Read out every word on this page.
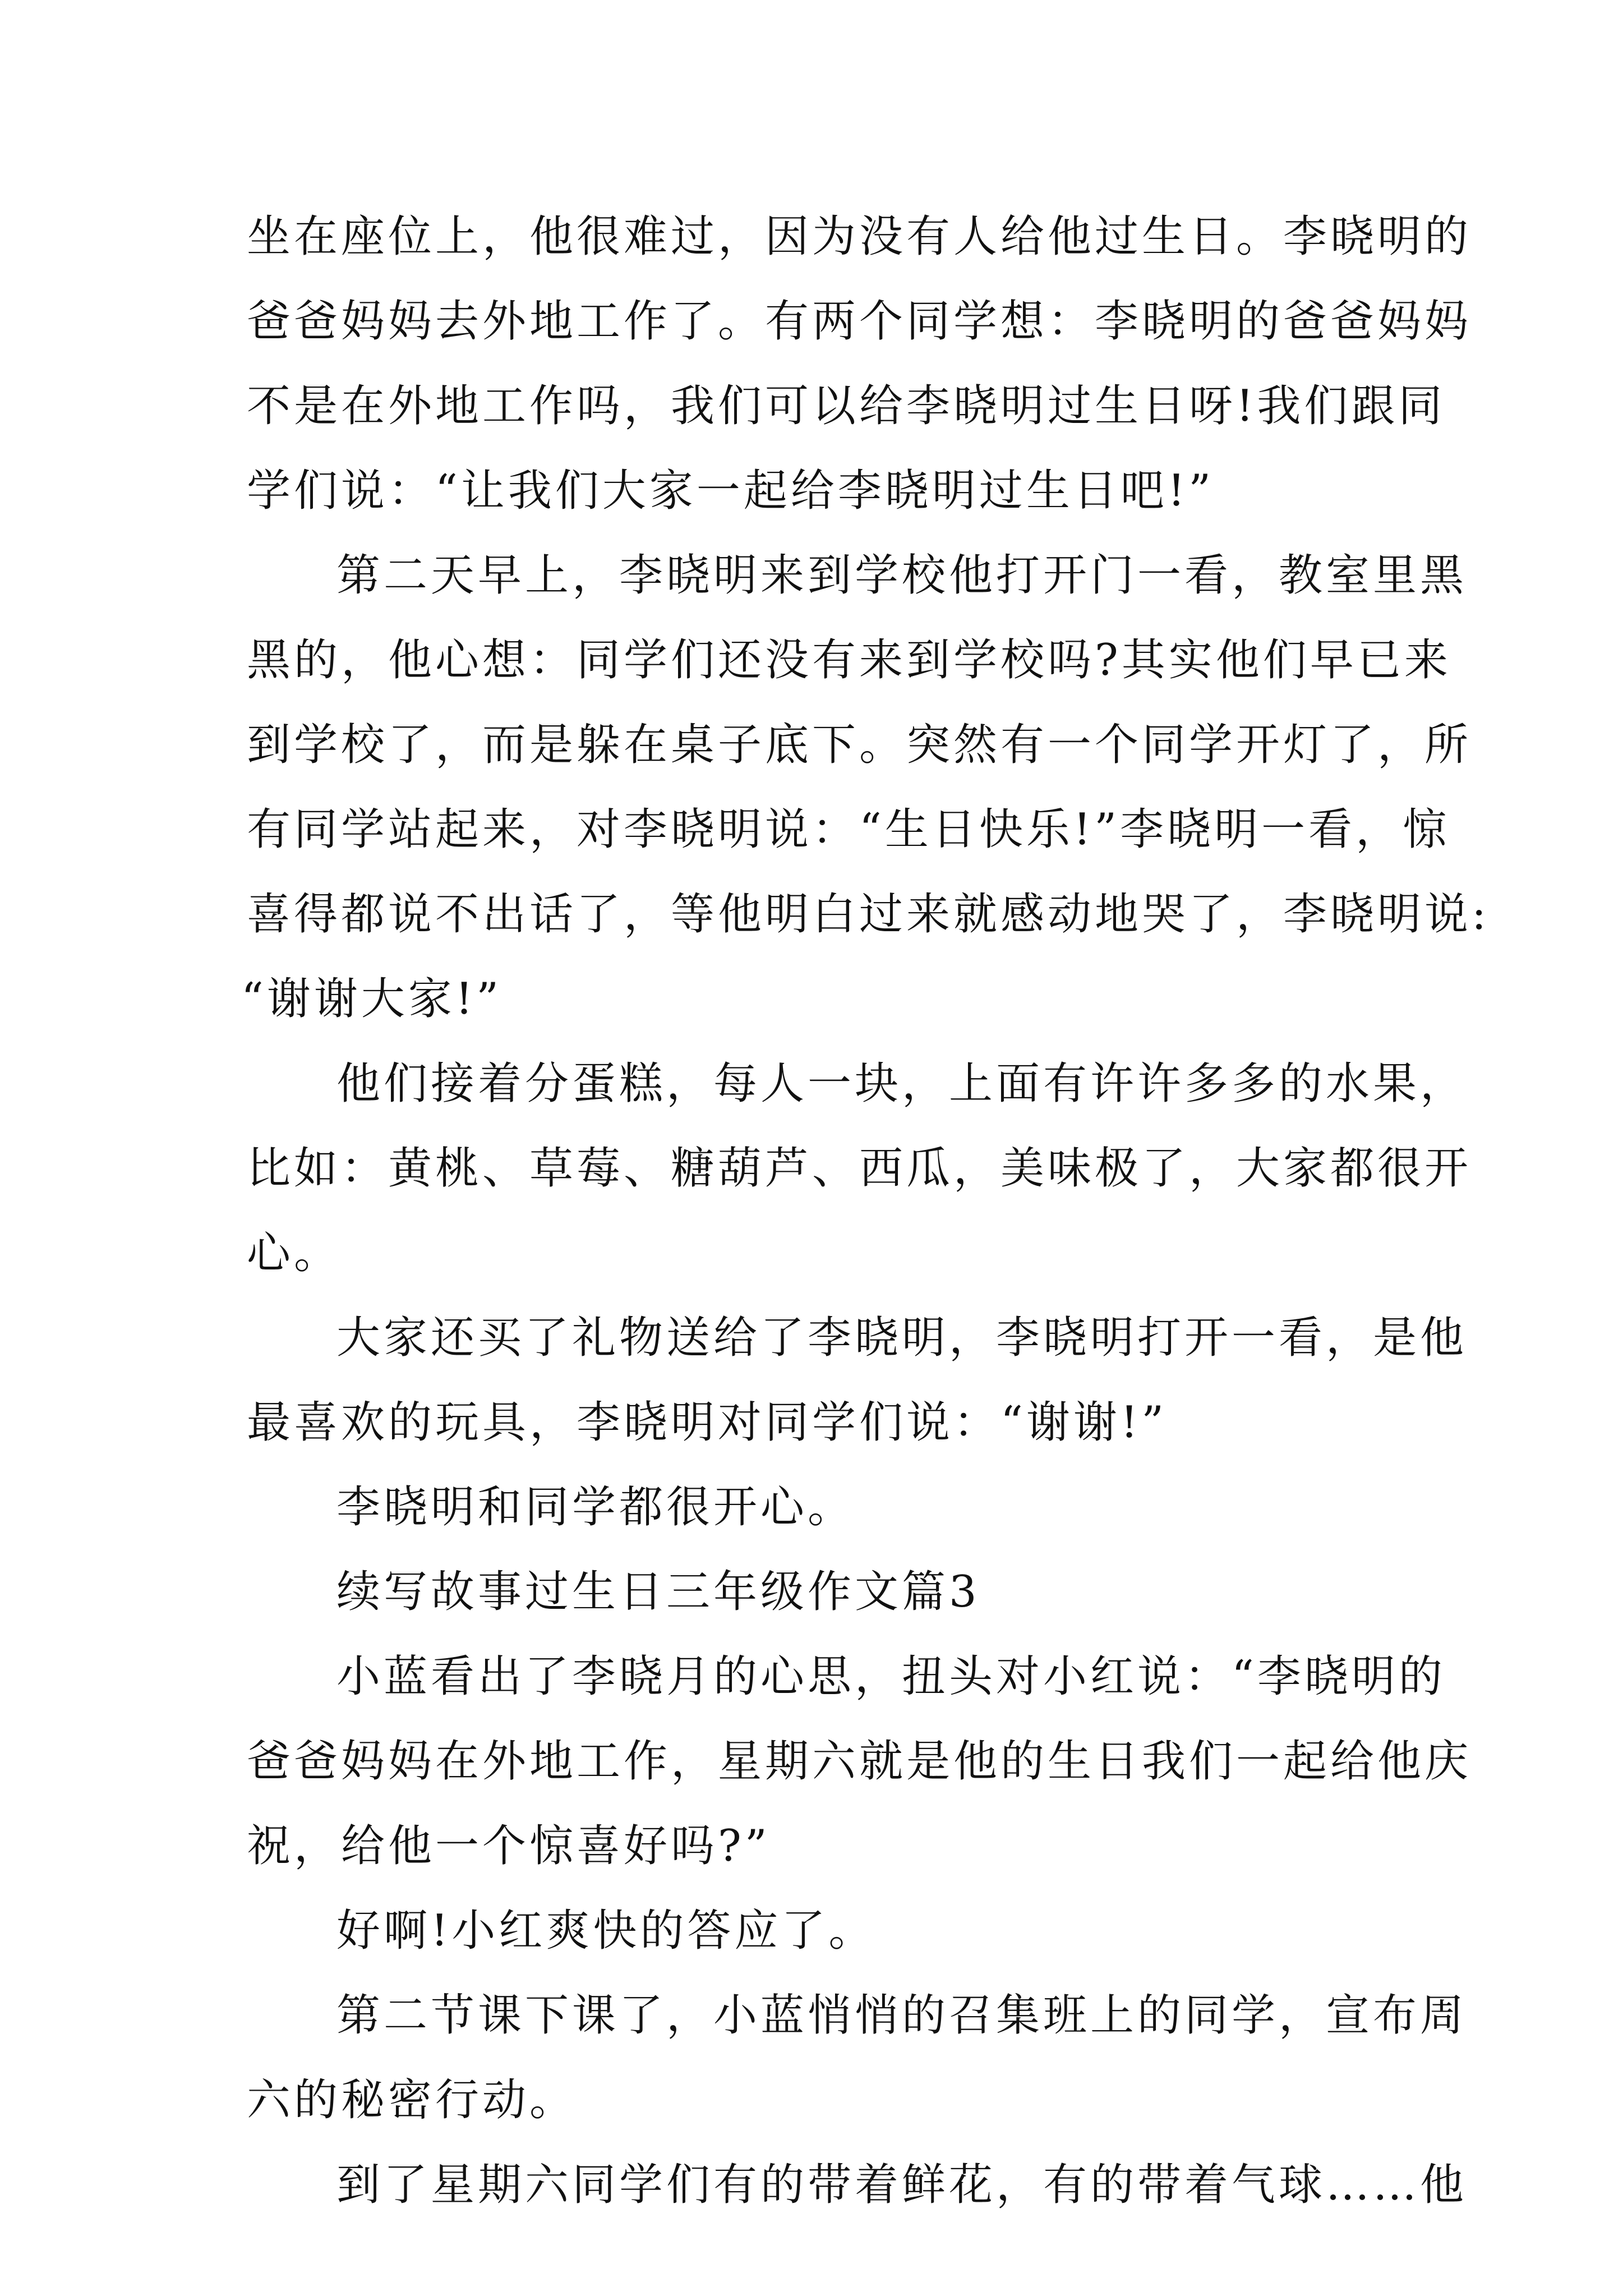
坐在座位上，他很难过，因为没有人给他过生日。李晓明的
爸爸妈妈去外地工作了。有两个同学想：李晓明的爸爸妈妈
不是在外地工作吗，我们可以给李晓明过生日呀!我们跟同
学们说：“让我们大家一起给李晓明过生日吧!”
第二天早上，李晓明来到学校他打开门一看，教室里黑
黑的，他心想：同学们还没有来到学校吗?其实他们早已来
到学校了，而是躲在桌子底下。突然有一个同学开灯了，所
有同学站起来，对李晓明说：“生日快乐!”李晓明一看，惊
喜得都说不出话了，等他明白过来就感动地哭了，李晓明说:
“谢谢大家!”
他们接着分蛋糕，每人一块，上面有许许多多的水果，
比如：黄桃、草莓、糖葫芦、西瓜，美味极了，大家都很开
心。
大家还买了礼物送给了李晓明，李晓明打开一看，是他
最喜欢的玩具，李晓明对同学们说：“谢谢!”
李晓明和同学都很开心。
续写故事过生日三年级作文篇3
小蓝看出了李晓月的心思，扭头对小红说：“李晓明的
爸爸妈妈在外地工作，星期六就是他的生日我们一起给他庆
祝，给他一个惊喜好吗?”
好啊!小红爽快的答应了。
第二节课下课了，小蓝悄悄的召集班上的同学，宣布周
六的秘密行动。
到了星期六同学们有的带着鲜花，有的带着气球……他
